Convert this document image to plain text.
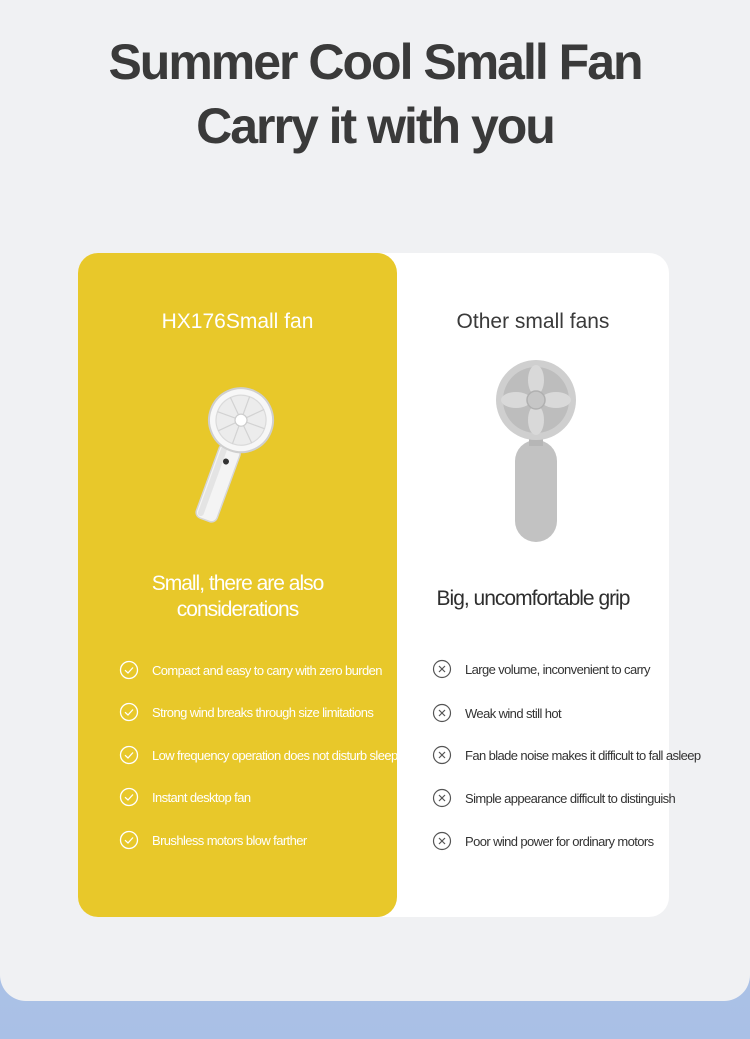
Summer Cool Small Fan
Carry it with you
HX176Small fan	Other small fans
Small, there are also
considerations	Big, uncomfortable grip
Compact and easy to carry with zero burden
Strong wind breaks through size limitations
Low frequency operation does not disturb sleep
Instant desktop fan
Brushless motors blow farther
Large volume, inconvenient to carry
Weak wind still hot
Fan blade noise makes it difficult to fall asleep
Simple appearance difficult to distinguish
Poor wind power for ordinary motors
